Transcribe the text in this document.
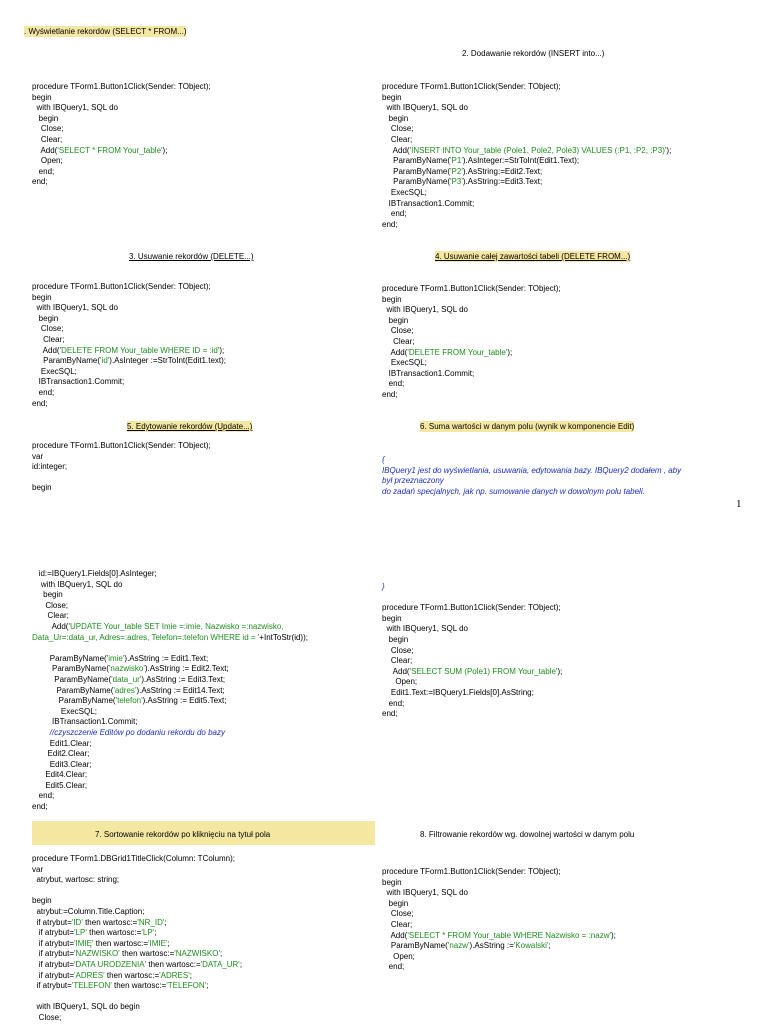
. Wyświetlanie rekordów (SELECT * FROM...)
2. Dodawanie rekordów (INSERT into...)
3. Usuwanie rekordów (DELETE...)	4. Usuwanie całej zawartości tabeli (DELETE FROM...)
5. Edytowanie rekordów (Update...)	6. Suma wartości w danym polu (wynik w komponencie Edit)
7. Sortowanie rekordów po kliknięciu na tytuł pola	8. Filtrowanie rekordów wg. dowolnej wartości w danym polu
procedure TForm1.Button1Click(Sender: TObject);
begin
with IBQuery1, SQL do
begin
Close;
Clear;
Add('SELECT * FROM Your_table');
Open;
end;
end;
procedure TForm1.Button1Click(Sender: TObject);
begin
with IBQuery1, SQL do
begin
Close;
Clear;
Add('INSERT INTO Your_table (Pole1, Pole2, Pole3) VALUES (:P1, :P2, :P3)');
ParamByName('P1').AsInteger:=StrToInt(Edit1.Text);
ParamByName('P2').AsString:=Edit2.Text;
ParamByName('P3').AsString:=Edit3.Text;
ExecSQL;
IBTransaction1.Commit;
end;
end;
procedure TForm1.Button1Click(Sender: TObject);
begin
with IBQuery1, SQL do
begin
Close;
Clear;
Add('DELETE FROM Your_table WHERE ID = :id');
ParamByName('id').AsInteger :=StrToInt(Edit1.text);
ExecSQL;
IBTransaction1.Commit;
end;
end;
procedure TForm1.Button1Click(Sender: TObject);
begin
with IBQuery1, SQL do
begin
Close;
Clear;
Add('DELETE FROM Your_table');
ExecSQL;
IBTransaction1.Commit;
end;
end;
procedure TForm1.Button1Click(Sender: TObject);
var
id:integer;
begin
{
IBQuery1 jest do wyświetlania, usuwania, edytowania bazy. IBQuery2 dodałem , aby
był przeznaczony
do zadań specjalnych, jak np. sumowanie danych w dowolnym polu tabeli.
1
id:=IBQuery1.Fields[0].AsInteger;
with IBQuery1, SQL do
begin
Close;
Clear;
Add('UPDATE Your_table SET Imie =:imie, Nazwisko =:nazwisko,
Data_Ur=:data_ur, Adres=:adres, Telefon=:telefon WHERE id = '+IntToStr(id));
ParamByName('imie').AsString := Edit1.Text;
ParamByName('nazwisko').AsString := Edit2.Text;
ParamByName('data_ur').AsString := Edit3.Text;
ParamByName('adres').AsString := Edit14.Text;
ParamByName('telefon').AsString := Edit5.Text;
ExecSQL;
IBTransaction1.Commit;
//czyszczenie Editów po dodaniu rekordu do bazy
Edit1.Clear;
Edit2.Clear;
Edit3.Clear;
Edit4.Clear;
Edit5.Clear;
end;
end;
}
procedure TForm1.Button1Click(Sender: TObject);
begin
with IBQuery1, SQL do
begin
Close;
Clear;
Add('SELECT SUM (Pole1) FROM Your_table');
Open;
Edit1.Text:=IBQuery1.Fields[0].AsString;
end;
end;
procedure TForm1.DBGrid1TitleClick(Column: TColumn);
var
atrybut, wartosc: string;
begin
atrybut:=Column.Title.Caption;
if atrybut='ID' then wartosc:='NR_ID';
if atrybut='LP' then wartosc:='LP';
if atrybut='IMIĘ' then wartosc:='IMIE';
if atrybut='NAZWISKO' then wartosc:='NAZWISKO';
if atrybut='DATA URODZENIA' then wartosc:='DATA_UR';
if atrybut='ADRES' then wartosc:='ADRES';
if atrybut='TELEFON' then wartosc:='TELEFON';
with IBQuery1, SQL do begin
Close;
procedure TForm1.Button1Click(Sender: TObject);
begin
with IBQuery1, SQL do
begin
Close;
Clear;
Add('SELECT * FROM Your_table WHERE Nazwisko = :nazw');
ParamByName('nazw').AsString :='Kowalski';
Open;
end;
